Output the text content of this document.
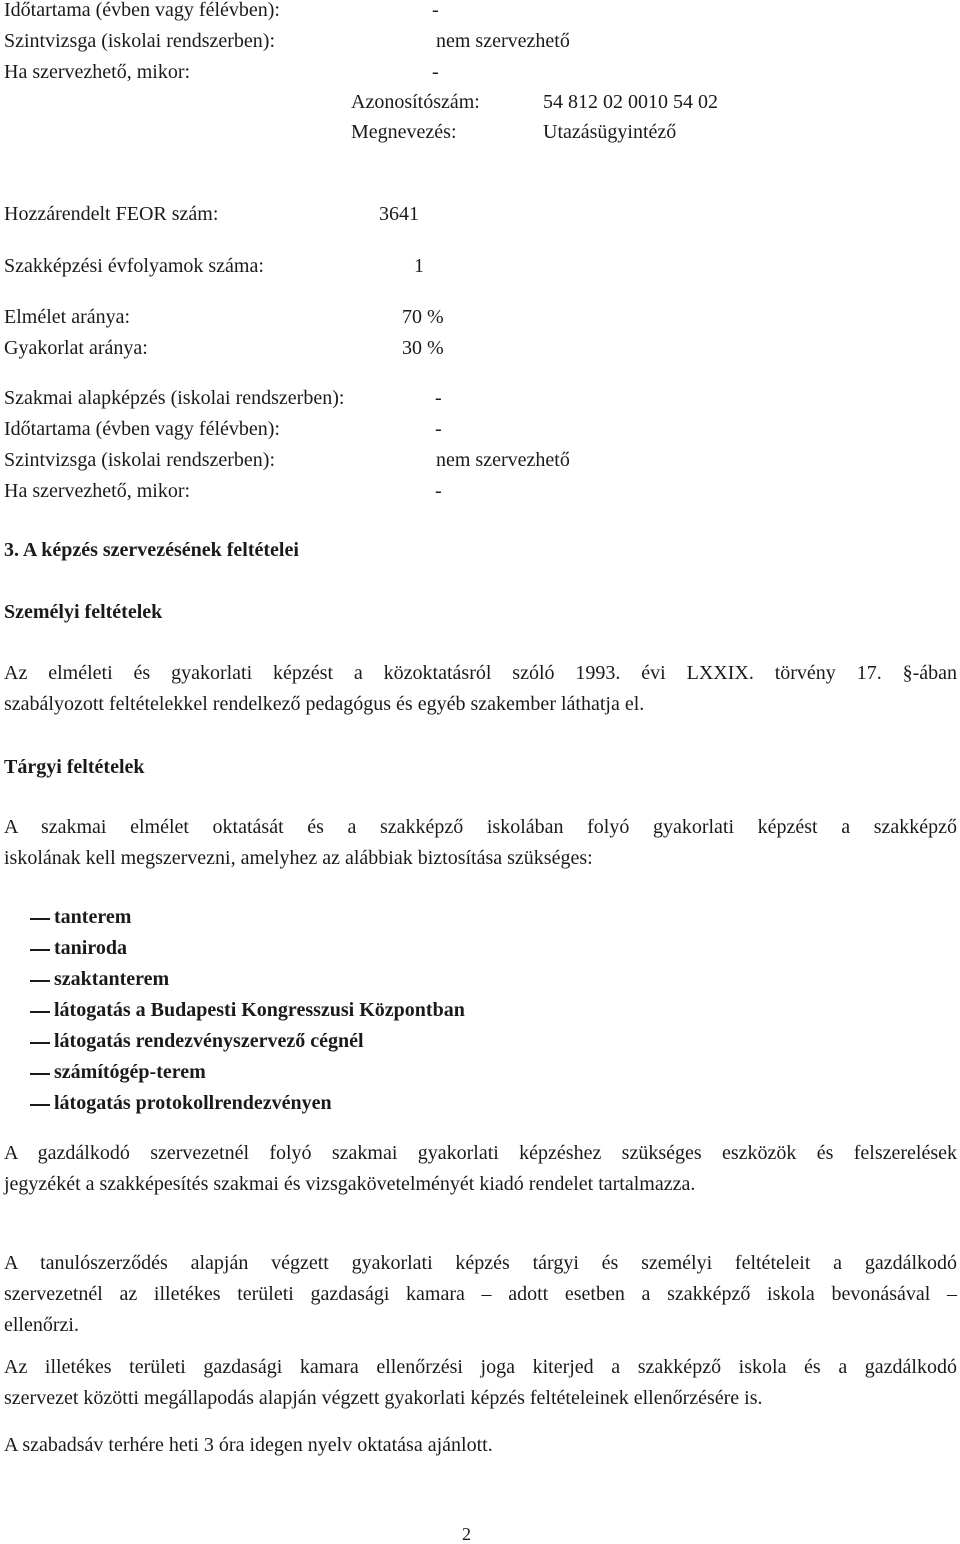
Időtartama (évben vagy félévben):	-
Szintvizsga (iskolai rendszerben):	nem szervezhető
Ha szervezhető, mikor:	-
Azonosítószám:	54 812 02 0010 54 02
Megnevezés:	Utazásügyintéző
Hozzárendelt FEOR szám:	3641
Szakképzési évfolyamok száma:	1
Elmélet aránya:	70 %
Gyakorlat aránya:	30 %
Szakmai alapképzés (iskolai rendszerben):	-
Időtartama (évben vagy félévben):	-
Szintvizsga (iskolai rendszerben):	nem szervezhető
Ha szervezhető, mikor:	-
3. A képzés szervezésének feltételei
Személyi feltételek
Az elméleti és gyakorlati képzést a közoktatásról szóló 1993. évi LXXIX. törvény 17. §-ában
szabályozott feltételekkel rendelkező pedagógus és egyéb szakember láthatja el.
Tárgyi feltételek
A szakmai elmélet oktatását és a szakképző iskolában folyó gyakorlati képzést a szakképző
iskolának kell megszervezni, amelyhez az alábbiak biztosítása szükséges:
tanterem
taniroda
szaktanterem
látogatás a Budapesti Kongresszusi Központban
látogatás rendezvényszervező cégnél
számítógép-terem
látogatás protokollrendezvényen
A gazdálkodó szervezetnél folyó szakmai gyakorlati képzéshez szükséges eszközök és felszerelések
jegyzékét a szakképesítés szakmai és vizsgakövetelményét kiadó rendelet tartalmazza.
A tanulószerződés alapján végzett gyakorlati képzés tárgyi és személyi feltételeit a gazdálkodó
szervezetnél az illetékes területi gazdasági kamara – adott esetben a szakképző iskola bevonásával –
ellenőrzi.
Az illetékes területi gazdasági kamara ellenőrzési joga kiterjed a szakképző iskola és a gazdálkodó
szervezet közötti megállapodás alapján végzett gyakorlati képzés feltételeinek ellenőrzésére is.
A szabadsáv terhére heti 3 óra idegen nyelv oktatása ajánlott.
2
